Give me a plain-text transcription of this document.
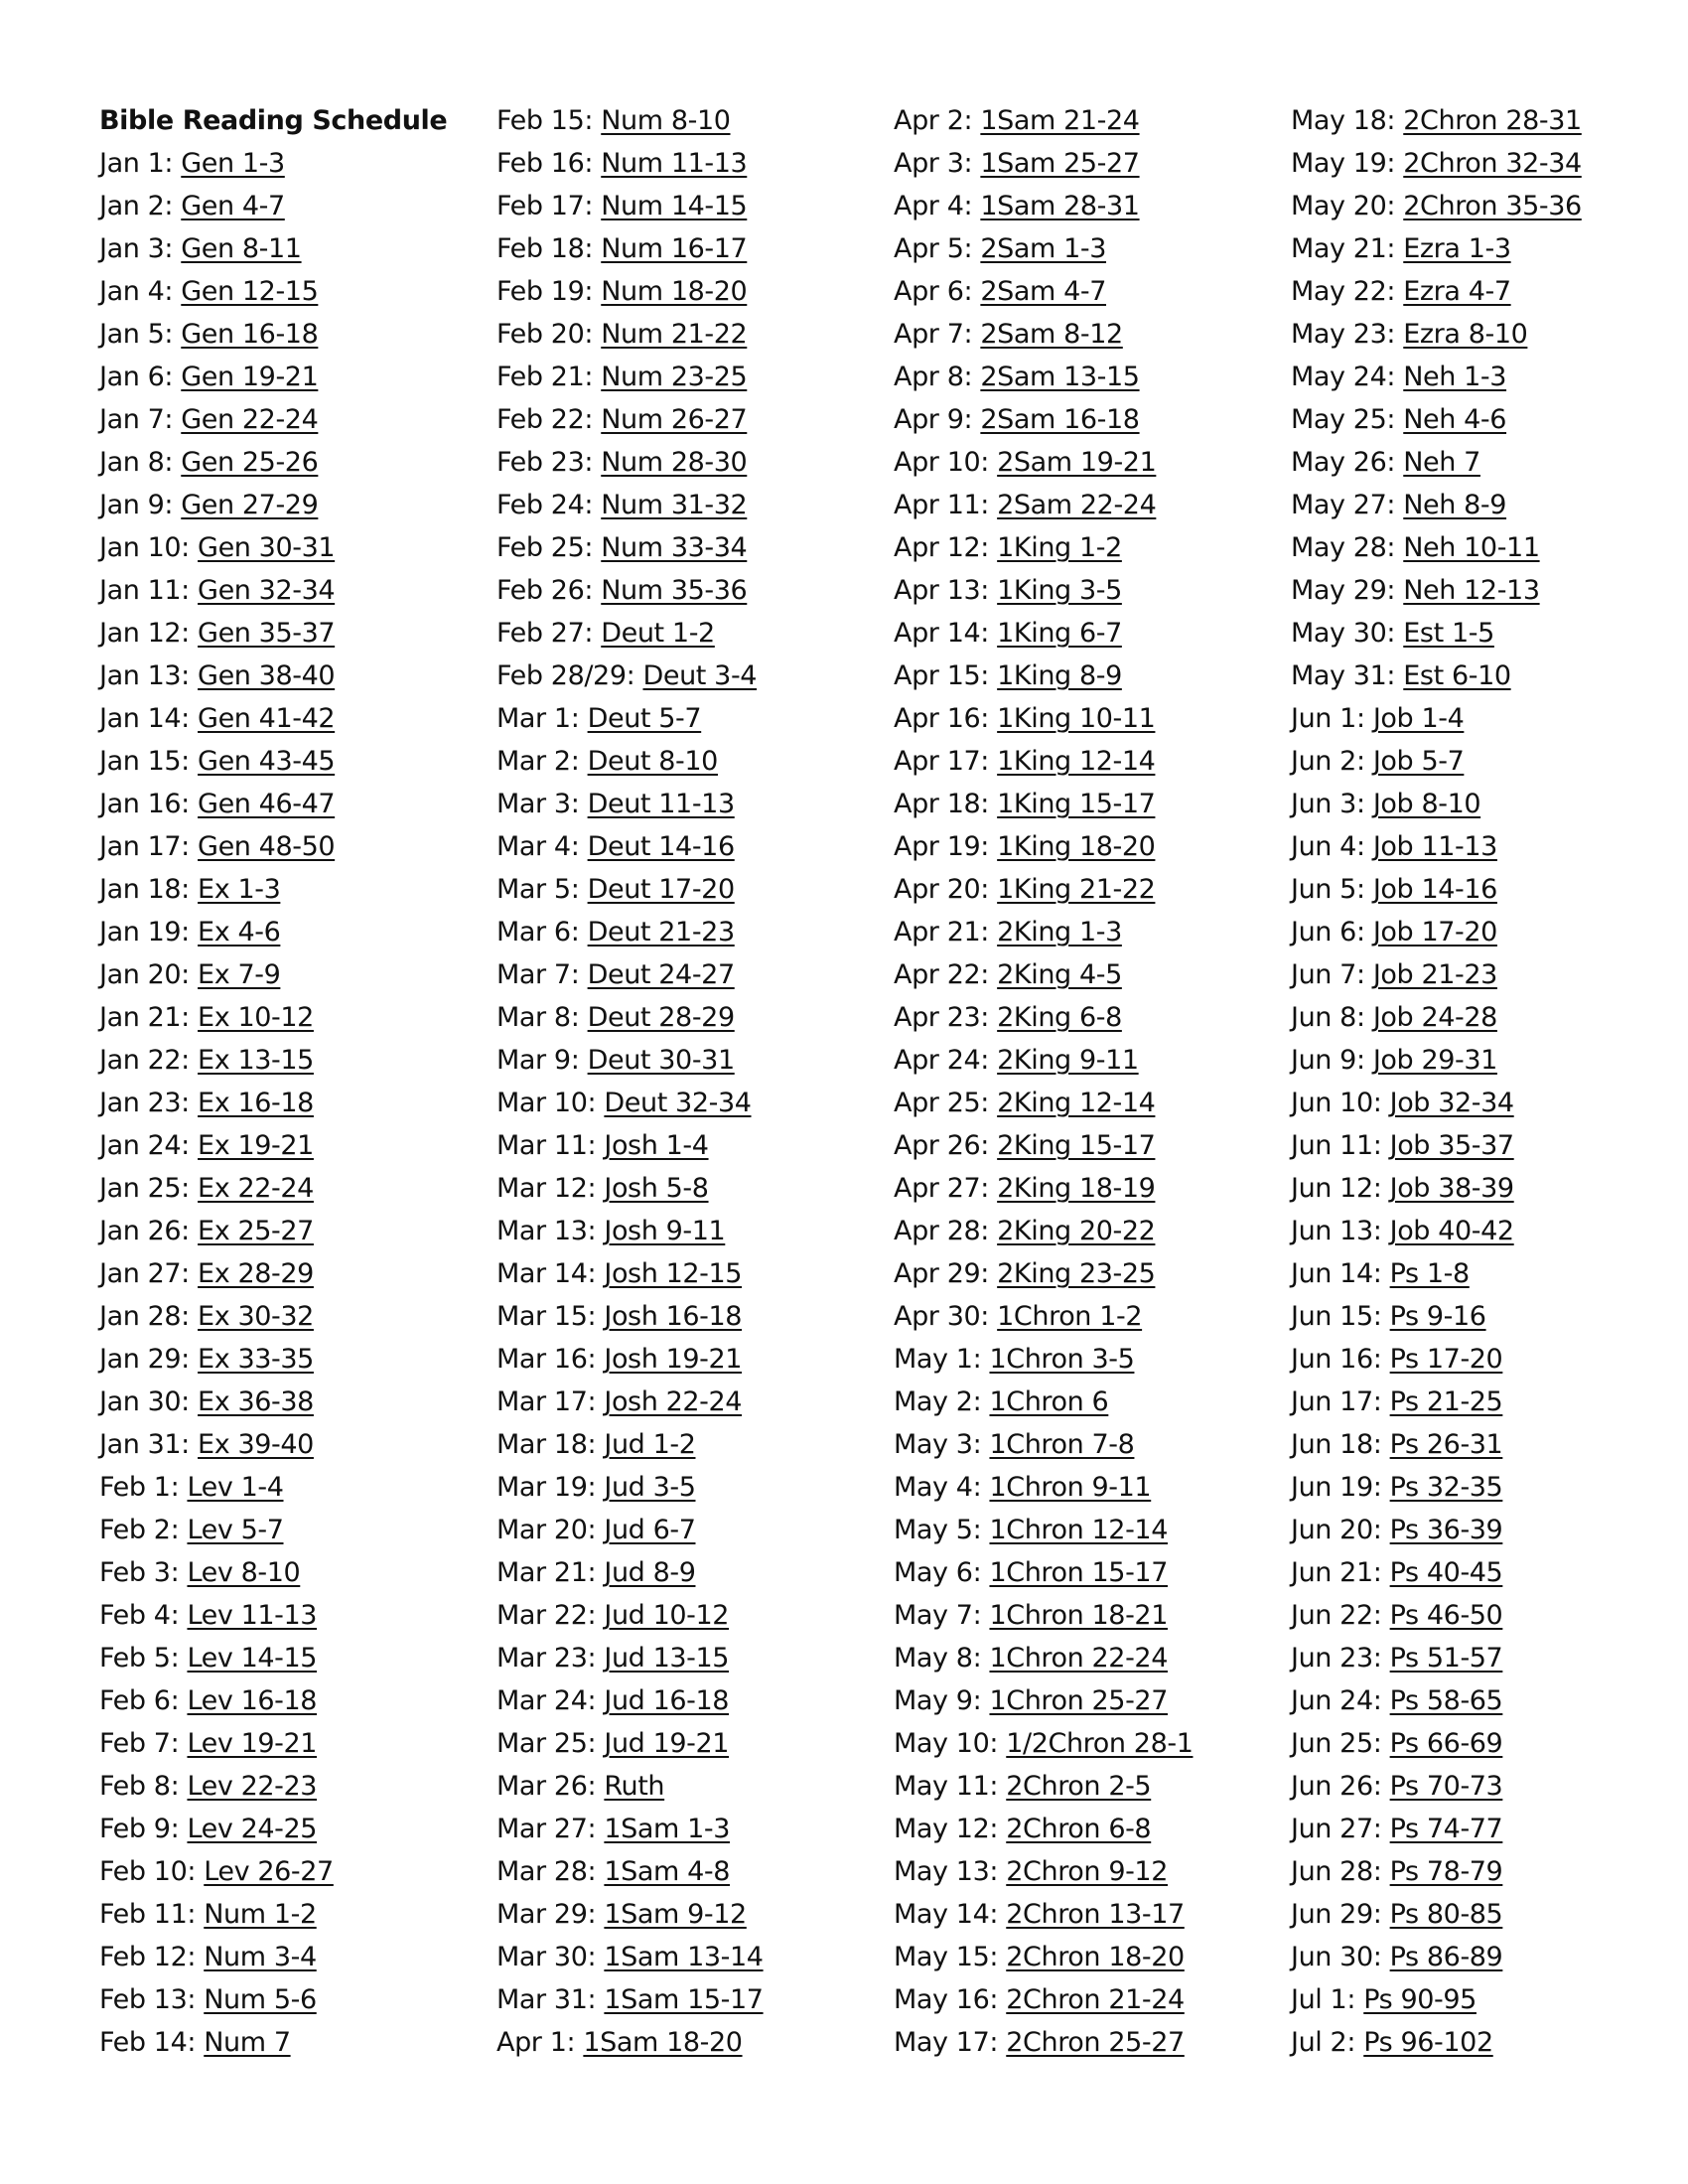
Bible Reading Schedule
Jan 1: Gen 1-3
Jan 2: Gen 4-7
Jan 3: Gen 8-11
Jan 4: Gen 12-15
Jan 5: Gen 16-18
Jan 6: Gen 19-21
Jan 7: Gen 22-24
Jan 8: Gen 25-26
Jan 9: Gen 27-29
Jan 10: Gen 30-31
Jan 11: Gen 32-34
Jan 12: Gen 35-37
Jan 13: Gen 38-40
Jan 14: Gen 41-42
Jan 15: Gen 43-45
Jan 16: Gen 46-47
Jan 17: Gen 48-50
Jan 18: Ex 1-3
Jan 19: Ex 4-6
Jan 20: Ex 7-9
Jan 21: Ex 10-12
Jan 22: Ex 13-15
Jan 23: Ex 16-18
Jan 24: Ex 19-21
Jan 25: Ex 22-24
Jan 26: Ex 25-27
Jan 27: Ex 28-29
Jan 28: Ex 30-32
Jan 29: Ex 33-35
Jan 30: Ex 36-38
Jan 31: Ex 39-40
Feb 1: Lev 1-4
Feb 2: Lev 5-7
Feb 3: Lev 8-10
Feb 4: Lev 11-13
Feb 5: Lev 14-15
Feb 6: Lev 16-18
Feb 7: Lev 19-21
Feb 8: Lev 22-23
Feb 9: Lev 24-25
Feb 10: Lev 26-27
Feb 11: Num 1-2
Feb 12: Num 3-4
Feb 13: Num 5-6
Feb 14: Num 7
Feb 15: Num 8-10
Feb 16: Num 11-13
Feb 17: Num 14-15
Feb 18: Num 16-17
Feb 19: Num 18-20
Feb 20: Num 21-22
Feb 21: Num 23-25
Feb 22: Num 26-27
Feb 23: Num 28-30
Feb 24: Num 31-32
Feb 25: Num 33-34
Feb 26: Num 35-36
Feb 27: Deut 1-2
Feb 28/29: Deut 3-4
Mar 1: Deut 5-7
Mar 2: Deut 8-10
Mar 3: Deut 11-13
Mar 4: Deut 14-16
Mar 5: Deut 17-20
Mar 6: Deut 21-23
Mar 7: Deut 24-27
Mar 8: Deut 28-29
Mar 9: Deut 30-31
Mar 10: Deut 32-34
Mar 11: Josh 1-4
Mar 12: Josh 5-8
Mar 13: Josh 9-11
Mar 14: Josh 12-15
Mar 15: Josh 16-18
Mar 16: Josh 19-21
Mar 17: Josh 22-24
Mar 18: Jud 1-2
Mar 19: Jud 3-5
Mar 20: Jud 6-7
Mar 21: Jud 8-9
Mar 22: Jud 10-12
Mar 23: Jud 13-15
Mar 24: Jud 16-18
Mar 25: Jud 19-21
Mar 26: Ruth
Mar 27: 1Sam 1-3
Mar 28: 1Sam 4-8
Mar 29: 1Sam 9-12
Mar 30: 1Sam 13-14
Mar 31: 1Sam 15-17
Apr 1: 1Sam 18-20
Apr 2: 1Sam 21-24
Apr 3: 1Sam 25-27
Apr 4: 1Sam 28-31
Apr 5: 2Sam 1-3
Apr 6: 2Sam 4-7
Apr 7: 2Sam 8-12
Apr 8: 2Sam 13-15
Apr 9: 2Sam 16-18
Apr 10: 2Sam 19-21
Apr 11: 2Sam 22-24
Apr 12: 1King 1-2
Apr 13: 1King 3-5
Apr 14: 1King 6-7
Apr 15: 1King 8-9
Apr 16: 1King 10-11
Apr 17: 1King 12-14
Apr 18: 1King 15-17
Apr 19: 1King 18-20
Apr 20: 1King 21-22
Apr 21: 2King 1-3
Apr 22: 2King 4-5
Apr 23: 2King 6-8
Apr 24: 2King 9-11
Apr 25: 2King 12-14
Apr 26: 2King 15-17
Apr 27: 2King 18-19
Apr 28: 2King 20-22
Apr 29: 2King 23-25
Apr 30: 1Chron 1-2
May 1: 1Chron 3-5
May 2: 1Chron 6
May 3: 1Chron 7-8
May 4: 1Chron 9-11
May 5: 1Chron 12-14
May 6: 1Chron 15-17
May 7: 1Chron 18-21
May 8: 1Chron 22-24
May 9: 1Chron 25-27
May 10: 1/2Chron 28-1
May 11: 2Chron 2-5
May 12: 2Chron 6-8
May 13: 2Chron 9-12
May 14: 2Chron 13-17
May 15: 2Chron 18-20
May 16: 2Chron 21-24
May 17: 2Chron 25-27
May 18: 2Chron 28-31
May 19: 2Chron 32-34
May 20: 2Chron 35-36
May 21: Ezra 1-3
May 22: Ezra 4-7
May 23: Ezra 8-10
May 24: Neh 1-3
May 25: Neh 4-6
May 26: Neh 7
May 27: Neh 8-9
May 28: Neh 10-11
May 29: Neh 12-13
May 30: Est 1-5
May 31: Est 6-10
Jun 1: Job 1-4
Jun 2: Job 5-7
Jun 3: Job 8-10
Jun 4: Job 11-13
Jun 5: Job 14-16
Jun 6: Job 17-20
Jun 7: Job 21-23
Jun 8: Job 24-28
Jun 9: Job 29-31
Jun 10: Job 32-34
Jun 11: Job 35-37
Jun 12: Job 38-39
Jun 13: Job 40-42
Jun 14: Ps 1-8
Jun 15: Ps 9-16
Jun 16: Ps 17-20
Jun 17: Ps 21-25
Jun 18: Ps 26-31
Jun 19: Ps 32-35
Jun 20: Ps 36-39
Jun 21: Ps 40-45
Jun 22: Ps 46-50
Jun 23: Ps 51-57
Jun 24: Ps 58-65
Jun 25: Ps 66-69
Jun 26: Ps 70-73
Jun 27: Ps 74-77
Jun 28: Ps 78-79
Jun 29: Ps 80-85
Jun 30: Ps 86-89
Jul 1: Ps 90-95
Jul 2: Ps 96-102
